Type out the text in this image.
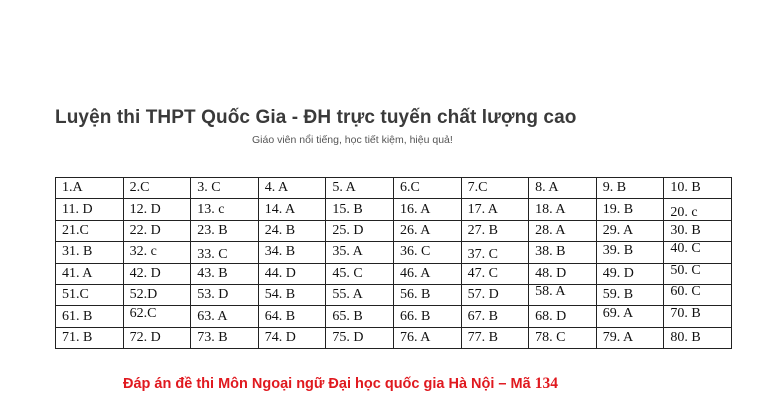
Luyện thi THPT Quốc Gia - ĐH trực tuyến chất lượng cao
Giáo viên nổi tiếng, học tiết kiệm, hiệu quả!
1.A	2.C	3. C	4. A	5. A	6.C	7.C	8. A	9. B	10. B
11. D	12. D	13. c	14. A	15. B	16. A	17. A	18. A	19. B	20. c
21.C	22. D	23. B	24. B	25. D	26. A	27. B	28. A	29. A	30. B
31. B	32. c	33. C	34. B	35. A	36. C	37. C	38. B	39. B	40. C
41. A	42. D	43. B	44. D	45. C	46. A	47. C	48. D	49. D	50. C
51.C	52.D	53. D	54. B	55. A	56. B	57. D	58. A	59. B	60. C
61. B	62.C	63. A	64. B	65. B	66. B	67. B	68. D	69. A	70. B
71. B	72. D	73. B	74. D	75. D	76. A	77. B	78. C	79. A	80. B
Đáp án đề thi Môn Ngoại ngữ Đại học quốc gia Hà Nội – Mã 134
